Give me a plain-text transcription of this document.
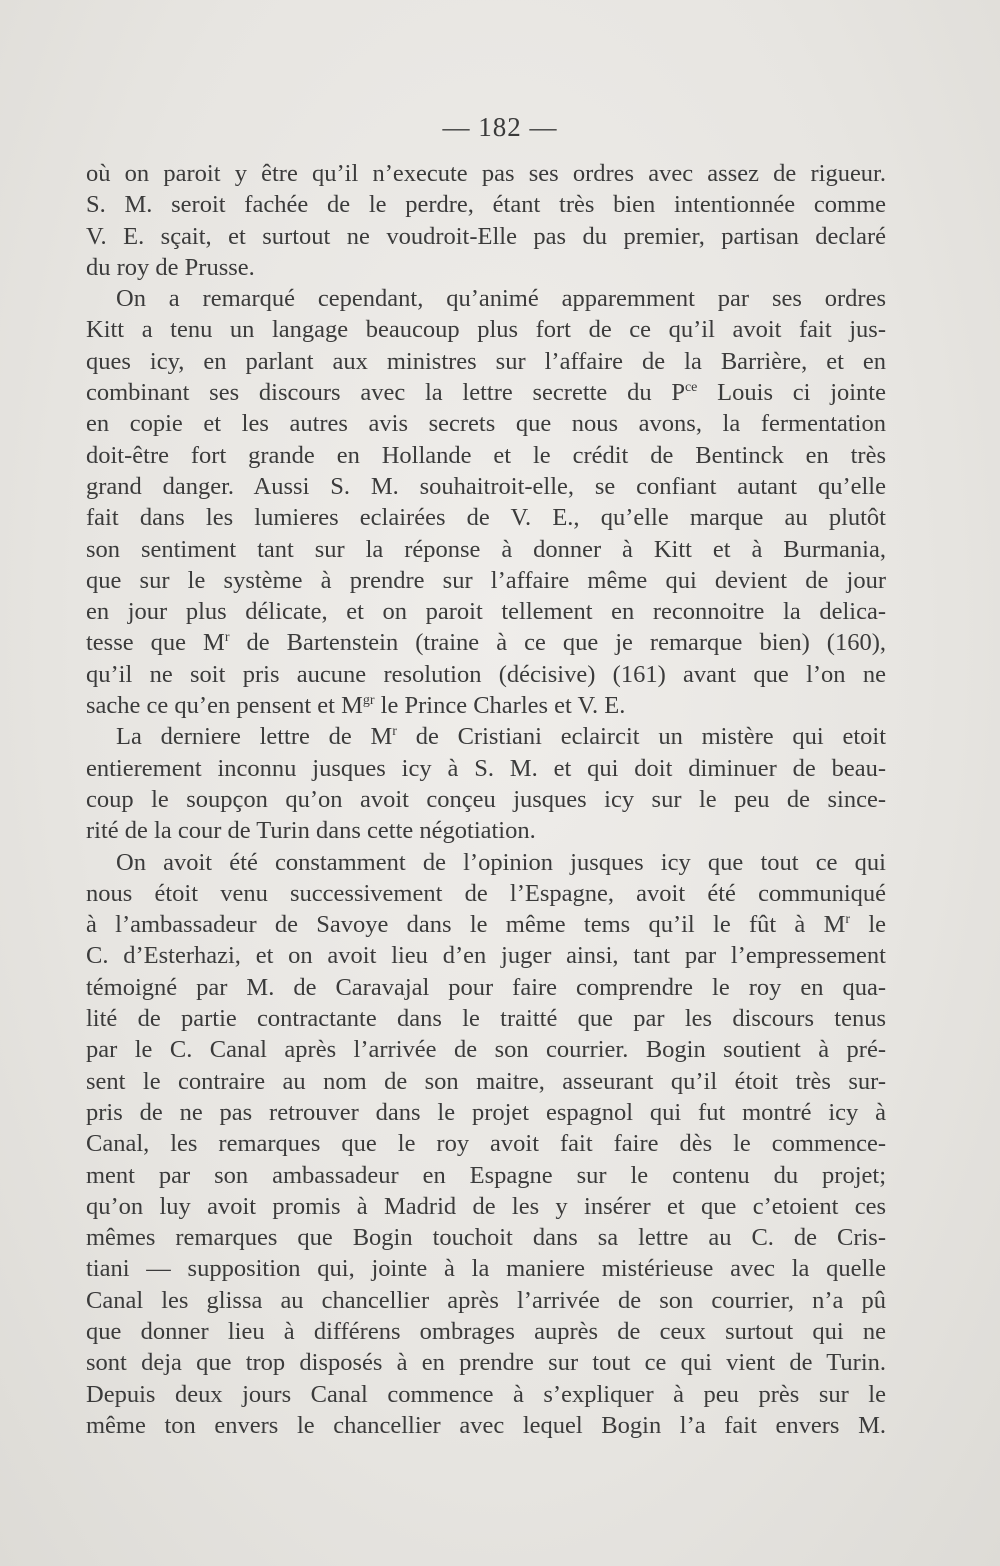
— 182 —
où on paroit y être qu’il n’execute pas ses ordres avec assez de rigueur.
S. M. seroit fachée de le perdre, étant très bien intentionnée comme
V. E. sçait, et surtout ne voudroit-Elle pas du premier, partisan declaré
du roy de Prusse.
On a remarqué cependant, qu’animé apparemment par ses ordres
Kitt a tenu un langage beaucoup plus fort de ce qu’il avoit fait jus-
ques icy, en parlant aux ministres sur l’affaire de la Barrière, et en
combinant ses discours avec la lettre secrette du $P^{ce}$ Louis ci jointe
en copie et les autres avis secrets que nous avons, la fermentation
doit-être fort grande en Hollande et le crédit de Bentinck en très
grand danger. Aussi S. M. souhaitroit-elle, se confiant autant qu’elle
fait dans les lumieres eclairées de V. E., qu’elle marque au plutôt
son sentiment tant sur la réponse à donner à Kitt et à Burmania,
que sur le système à prendre sur l’affaire même qui devient de jour
en jour plus délicate, et on paroit tellement en reconnoitre la delica-
tesse que $M^r$ de Bartenstein (traine à ce que je remarque bien) (160),
qu’il ne soit pris aucune resolution (décisive) (161) avant que l’on ne
sache ce qu’en pensent et $M^{gr}$ le Prince Charles et V. E.
La derniere lettre de $M^r$ de Cristiani eclaircit un mistère qui etoit
entierement inconnu jusques icy à S. M. et qui doit diminuer de beau-
coup le soupçon qu’on avoit conçeu jusques icy sur le peu de since-
rité de la cour de Turin dans cette négotiation.
On avoit été constamment de l’opinion jusques icy que tout ce qui
nous étoit venu successivement de l’Espagne, avoit été communiqué
à l’ambassadeur de Savoye dans le même tems qu’il le fût à $M^r$ le
C. d’Esterhazi, et on avoit lieu d’en juger ainsi, tant par l’empressement
témoigné par M. de Caravajal pour faire comprendre le roy en qua-
lité de partie contractante dans le traitté que par les discours tenus
par le C. Canal après l’arrivée de son courrier. Bogin soutient à pré-
sent le contraire au nom de son maitre, asseurant qu’il étoit très sur-
pris de ne pas retrouver dans le projet espagnol qui fut montré icy à
Canal, les remarques que le roy avoit fait faire dès le commence-
ment par son ambassadeur en Espagne sur le contenu du projet;
qu’on luy avoit promis à Madrid de les y insérer et que c’etoient ces
mêmes remarques que Bogin touchoit dans sa lettre au C. de Cris-
tiani — supposition qui, jointe à la maniere mistérieuse avec la quelle
Canal les glissa au chancellier après l’arrivée de son courrier, n’a pû
que donner lieu à différens ombrages auprès de ceux surtout qui ne
sont deja que trop disposés à en prendre sur tout ce qui vient de Turin.
Depuis deux jours Canal commence à s’expliquer à peu près sur le
même ton envers le chancellier avec lequel Bogin l’a fait envers M.
